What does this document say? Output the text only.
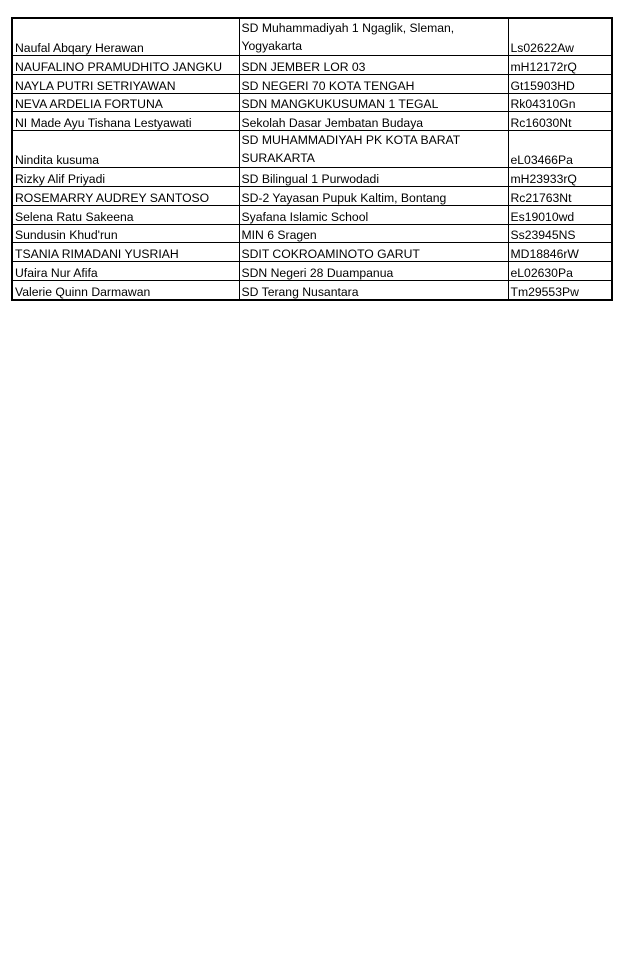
Naufal Abqary Herawan	SD Muhammadiyah 1 Ngaglik, Sleman, Yogyakarta	Ls02622Aw
NAUFALINO PRAMUDHITO JANGKU	SDN JEMBER LOR 03	mH12172rQ
NAYLA PUTRI SETRIYAWAN	SD NEGERI 70 KOTA TENGAH	Gt15903HD
NEVA ARDELIA FORTUNA	SDN MANGKUKUSUMAN 1 TEGAL	Rk04310Gn
NI Made Ayu Tishana Lestyawati	Sekolah Dasar Jembatan Budaya	Rc16030Nt
Nindita kusuma	SD MUHAMMADIYAH PK KOTA BARAT SURAKARTA	eL03466Pa
Rizky Alif Priyadi	SD Bilingual 1 Purwodadi	mH23933rQ
ROSEMARRY AUDREY SANTOSO	SD-2 Yayasan Pupuk Kaltim, Bontang	Rc21763Nt
Selena Ratu Sakeena	Syafana Islamic School	Es19010wd
Sundusin Khud'run	MIN 6 Sragen	Ss23945NS
TSANIA RIMADANI YUSRIAH	SDIT COKROAMINOTO GARUT	MD18846rW
Ufaira Nur Afifa	SDN Negeri 28 Duampanua	eL02630Pa
Valerie Quinn Darmawan	SD Terang Nusantara	Tm29553Pw
